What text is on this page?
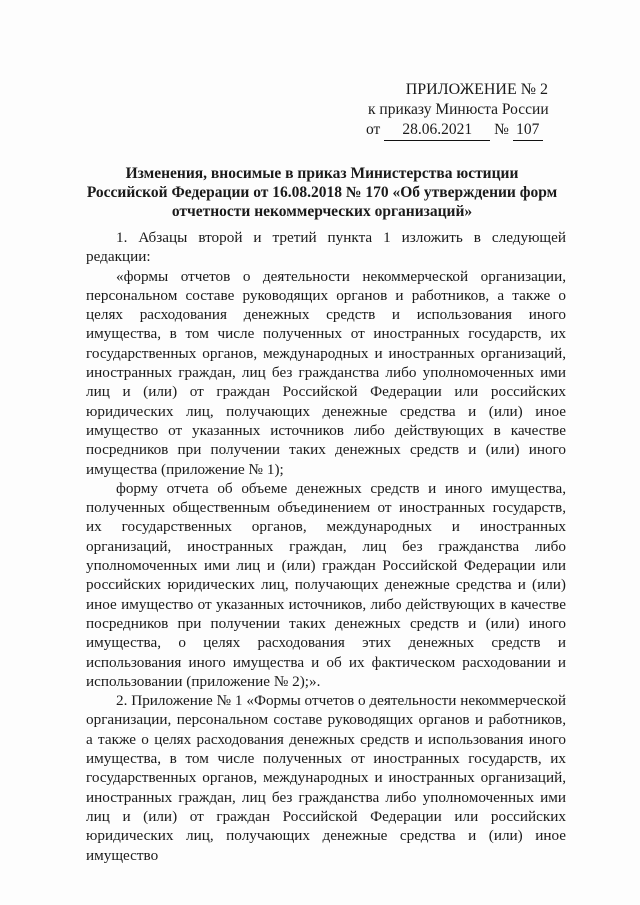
ПРИЛОЖЕНИЕ № 2
к приказу Минюста России
от 28.06.2021 № 107
Изменения, вносимые в приказ Министерства юстиции
Российской Федерации от 16.08.2018 № 170 «Об утверждении форм
отчетности некоммерческих организаций»

1. Абзацы второй и третий пункта 1 изложить в следующей редакции:

«формы отчетов о деятельности некоммерческой организации, персональном составе руководящих органов и работников, а также о целях расходования денежных средств и использования иного имущества, в том числе полученных от иностранных государств, их государственных органов, международных и иностранных организаций, иностранных граждан, лиц без гражданства либо уполномоченных ими лиц и (или) от граждан Российской Федерации или российских юридических лиц, получающих денежные средства и (или) иное имущество от указанных источников либо действующих в качестве посредников при получении таких денежных средств и (или) иного имущества (приложение № 1);

форму отчета об объеме денежных средств и иного имущества, полученных общественным объединением от иностранных государств, их государственных органов, международных и иностранных организаций, иностранных граждан, лиц без гражданства либо уполномоченных ими лиц и (или) граждан Российской Федерации или российских юридических лиц, получающих денежные средства и (или) иное имущество от указанных источников, либо действующих в качестве посредников при получении таких денежных средств и (или) иного имущества, о целях расходования этих денежных средств и использования иного имущества и об их фактическом расходовании и использовании (приложение № 2);».

2. Приложение № 1 «Формы отчетов о деятельности некоммерческой организации, персональном составе руководящих органов и работников, а также о целях расходования денежных средств и использования иного имущества, в том числе полученных от иностранных государств, их государственных органов, международных и иностранных организаций, иностранных граждан, лиц без гражданства либо уполномоченных ими лиц и (или) от граждан Российской Федерации или российских юридических лиц, получающих денежные средства и (или) иное имущество
